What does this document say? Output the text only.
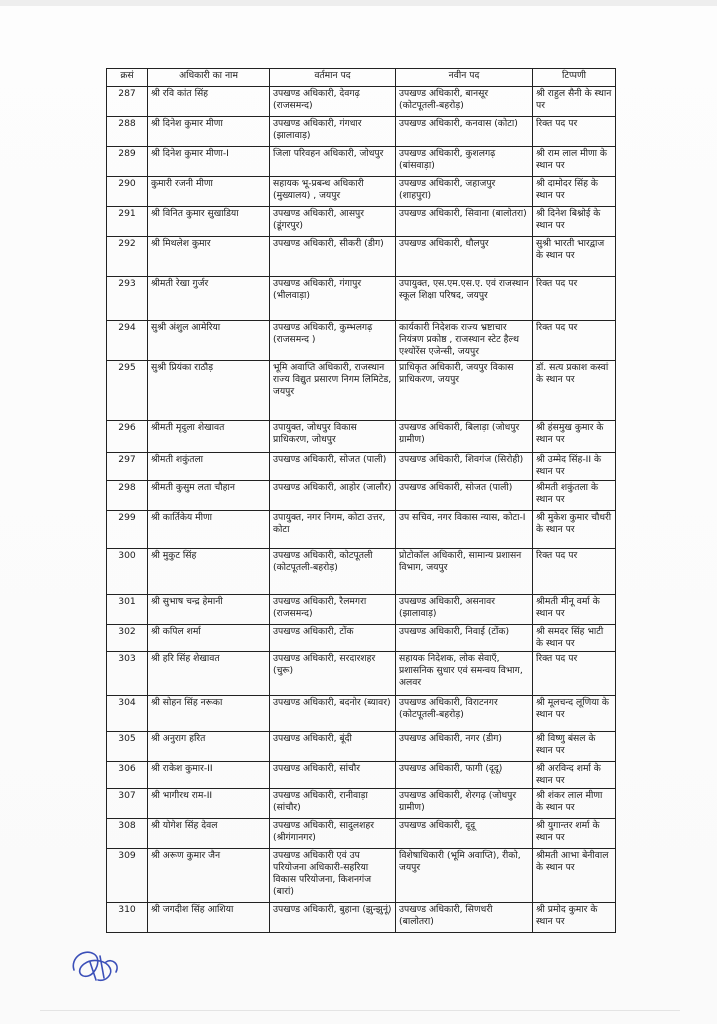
क्रसं	अधिकारी का नाम	वर्तमान पद	नवीन पद	टिप्पणी
287	श्री रवि कांत सिंह	उपखण्ड अधिकारी, देवगढ़ (राजसमन्द)	उपखण्ड अधिकारी, बानसूर (कोटपूतली-बहरोड़)	श्री राहुल सैनी के स्थान पर
288	श्री दिनेश कुमार मीणा	उपखण्ड अधिकारी, गंगधार (झालावाड़)	उपखण्ड अधिकारी, कनवास (कोटा)	रिक्त पद पर
289	श्री दिनेश कुमार मीणा-I	जिला परिवहन अधिकारी, जोधपुर	उपखण्ड अधिकारी, कुशलगढ़ (बांसवाड़ा)	श्री राम लाल मीणा के स्थान पर
290	कुमारी रजनी मीणा	सहायक भू-प्रबन्ध अधिकारी (मुख्यालय) , जयपुर	उपखण्ड अधिकारी, जहाजपुर (शाहपुरा)	श्री दामोदर सिंह के स्थान पर
291	श्री विनित कुमार सुखाडिया	उपखण्ड अधिकारी, आसपुर (डूंगरपुर)	उपखण्ड अधिकारी, सिवाना (बालोतरा)	श्री दिनेश बिश्नोई के स्थान पर
292	श्री मिथलेश कुमार	उपखण्ड अधिकारी, सीकरी (डीग)	उपखण्ड अधिकारी, धौलपुर	सुश्री भारती भारद्वाज के स्थान पर
293	श्रीमती रेखा गुर्जर	उपखण्ड अधिकारी, गंगापुर (भीलवाड़ा)	उपायुक्त, एस.एम.एस.ए. एवं राजस्थान स्कूल शिक्षा परिषद, जयपुर	रिक्त पद पर
294	सुश्री अंशुल आमेरिया	उपखण्ड अधिकारी, कुम्भलगढ़ (राजसमन्द )	कार्यकारी निदेशक राज्य भ्रष्टाचार नियंत्रण प्रकोष्ठ , राजस्थान स्टेट हैल्थ एश्योरेंस एजेन्सी, जयपुर	रिक्त पद पर
295	सुश्री प्रियंका राठौड़	भूमि अवाप्ति अधिकारी, राजस्थान राज्य विद्युत प्रसारण निगम लिमिटेड, जयपुर	प्राधिकृत अधिकारी, जयपुर विकास प्राधिकरण, जयपुर	डॉ. सत्य प्रकाश कस्वां के स्थान पर
296	श्रीमती मृदुला शेखावत	उपायुक्त, जोधपुर विकास प्राधिकरण, जोधपुर	उपखण्ड अधिकारी, बिलाड़ा (जोधपुर ग्रामीण)	श्री हंसमुख कुमार के स्थान पर
297	श्रीमती शकुंतला	उपखण्ड अधिकारी, सोजत (पाली)	उपखण्ड अधिकारी, शिवगंज (सिरोही)	श्री उम्मेद सिंह-II के स्थान पर
298	श्रीमती कुसुम लता चौहान	उपखण्ड अधिकारी, आहोर (जालौर)	उपखण्ड अधिकारी, सोजत (पाली)	श्रीमती शकुंतला के स्थान पर
299	श्री कार्तिकेय मीणा	उपायुक्त, नगर निगम, कोटा उत्तर, कोटा	उप सचिव, नगर विकास न्यास, कोटा-I	श्री मुकेश कुमार चौधरी के स्थान पर
300	श्री मुकुट सिंह	उपखण्ड अधिकारी, कोटपूतली (कोटपूतली-बहरोड़)	प्रोटोकॉल अधिकारी, सामान्य प्रशासन विभाग, जयपुर	रिक्त पद पर
301	श्री सुभाष चन्द्र हेमानी	उपखण्ड अधिकारी, रैलमगरा (राजसमन्द)	उपखण्ड अधिकारी, असनावर (झालावाड़)	श्रीमती मीनू वर्मा के स्थान पर
302	श्री कपिल शर्मा	उपखण्ड अधिकारी, टोंक	उपखण्ड अधिकारी, निवाई (टोंक)	श्री समदर सिंह भाटी के स्थान पर
303	श्री हरि सिंह शेखावत	उपखण्ड अधिकारी, सरदारशहर (चुरू)	सहायक निदेशक, लोक सेवाएँ, प्रशासनिक सुधार एवं समन्वय विभाग, अलवर	रिक्त पद पर
304	श्री सोहन सिंह नरूका	उपखण्ड अधिकारी, बदनोर (ब्यावर)	उपखण्ड अधिकारी, विराटनगर (कोटपूतली-बहरोड़)	श्री मूलचन्द लूणिया के स्थान पर
305	श्री अनुराग हरित	उपखण्ड अधिकारी, बूंदी	उपखण्ड अधिकारी, नगर (डीग)	श्री विष्णु बंसल के स्थान पर
306	श्री राकेश कुमार-II	उपखण्ड अधिकारी, सांचौर	उपखण्ड अधिकारी, फागी (दूदू)	श्री अरविन्द शर्मा के स्थान पर
307	श्री भागीरथ राम-II	उपखण्ड अधिकारी, रानीवाड़ा (सांचौर)	उपखण्ड अधिकारी, शेरगढ़ (जोधपुर ग्रामीण)	श्री शंकर लाल मीणा के स्थान पर
308	श्री योगेश सिंह देवल	उपखण्ड अधिकारी, सादुलशहर (श्रीगंगानगर)	उपखण्ड अधिकारी, दूदू	श्री युगान्तर शर्मा के स्थान पर
309	श्री अरूण कुमार जैन	उपखण्ड अधिकारी एवं उप परियोजना अधिकारी-सहरिया विकास परियोजना, किशनगंज (बारां)	विशेषाधिकारी (भूमि अवाप्ति), रीको, जयपुर	श्रीमती आभा बेनीवाल के स्थान पर
310	श्री जगदीश सिंह आशिया	उपखण्ड अधिकारी, बुहाना (झुन्झुनूं)	उपखण्ड अधिकारी, सिणधरी (बालोतरा)	श्री प्रमोद कुमार के स्थान पर
